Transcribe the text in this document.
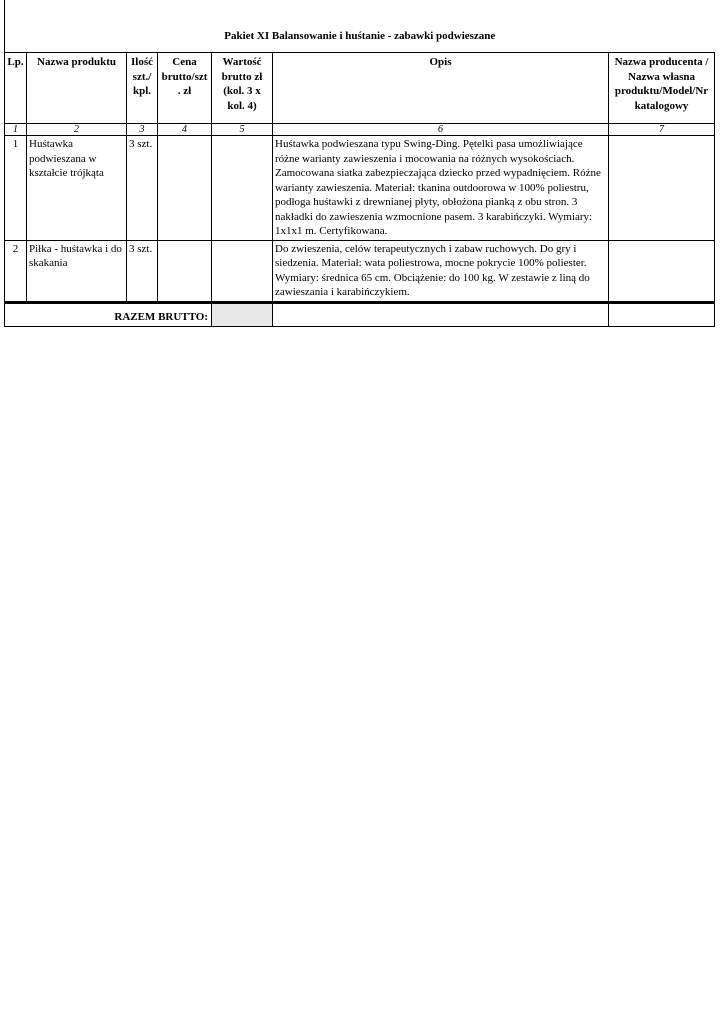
Pakiet XI Balansowanie i huśtanie - zabawki podwieszane						
Lp.	Nazwa produktu	Ilość szt./ kpl.	Cena brutto/szt . zł	Wartość brutto zł (kol. 3 x kol. 4)	Opis	Nazwa producenta / Nazwa własna produktu/Model/Nr katalogowy
1	2	3	4	5	6	7
1	Huśtawka podwieszana w kształcie trójkąta	3 szt.			Huśtawka podwieszana typu Swing-Ding. Pętelki pasa umożliwiające różne warianty zawieszenia i mocowania na różnych wysokościach. Zamocowana siatka zabezpieczająca dziecko przed wypadnięciem. Różne warianty zawieszenia. Materiał: tkanina outdoorowa w 100% poliestru, podłoga huśtawki z drewnianej płyty, obłożona pianką z obu stron. 3 nakładki do zawieszenia wzmocnione pasem. 3 karabińczyki. Wymiary: 1x1x1 m. Certyfikowana.	
2	Piłka - huśtawka i do skakania	3 szt.			Do zwieszenia, celów terapeutycznych i zabaw ruchowych. Do gry i siedzenia. Materiał: wata poliestrowa, mocne pokrycie 100% poliester. Wymiary: średnica 65 cm. Obciążenie: do 100 kg. W zestawie z liną do zawieszania i karabińczykiem.	

RAZEM BRUTTO:						
